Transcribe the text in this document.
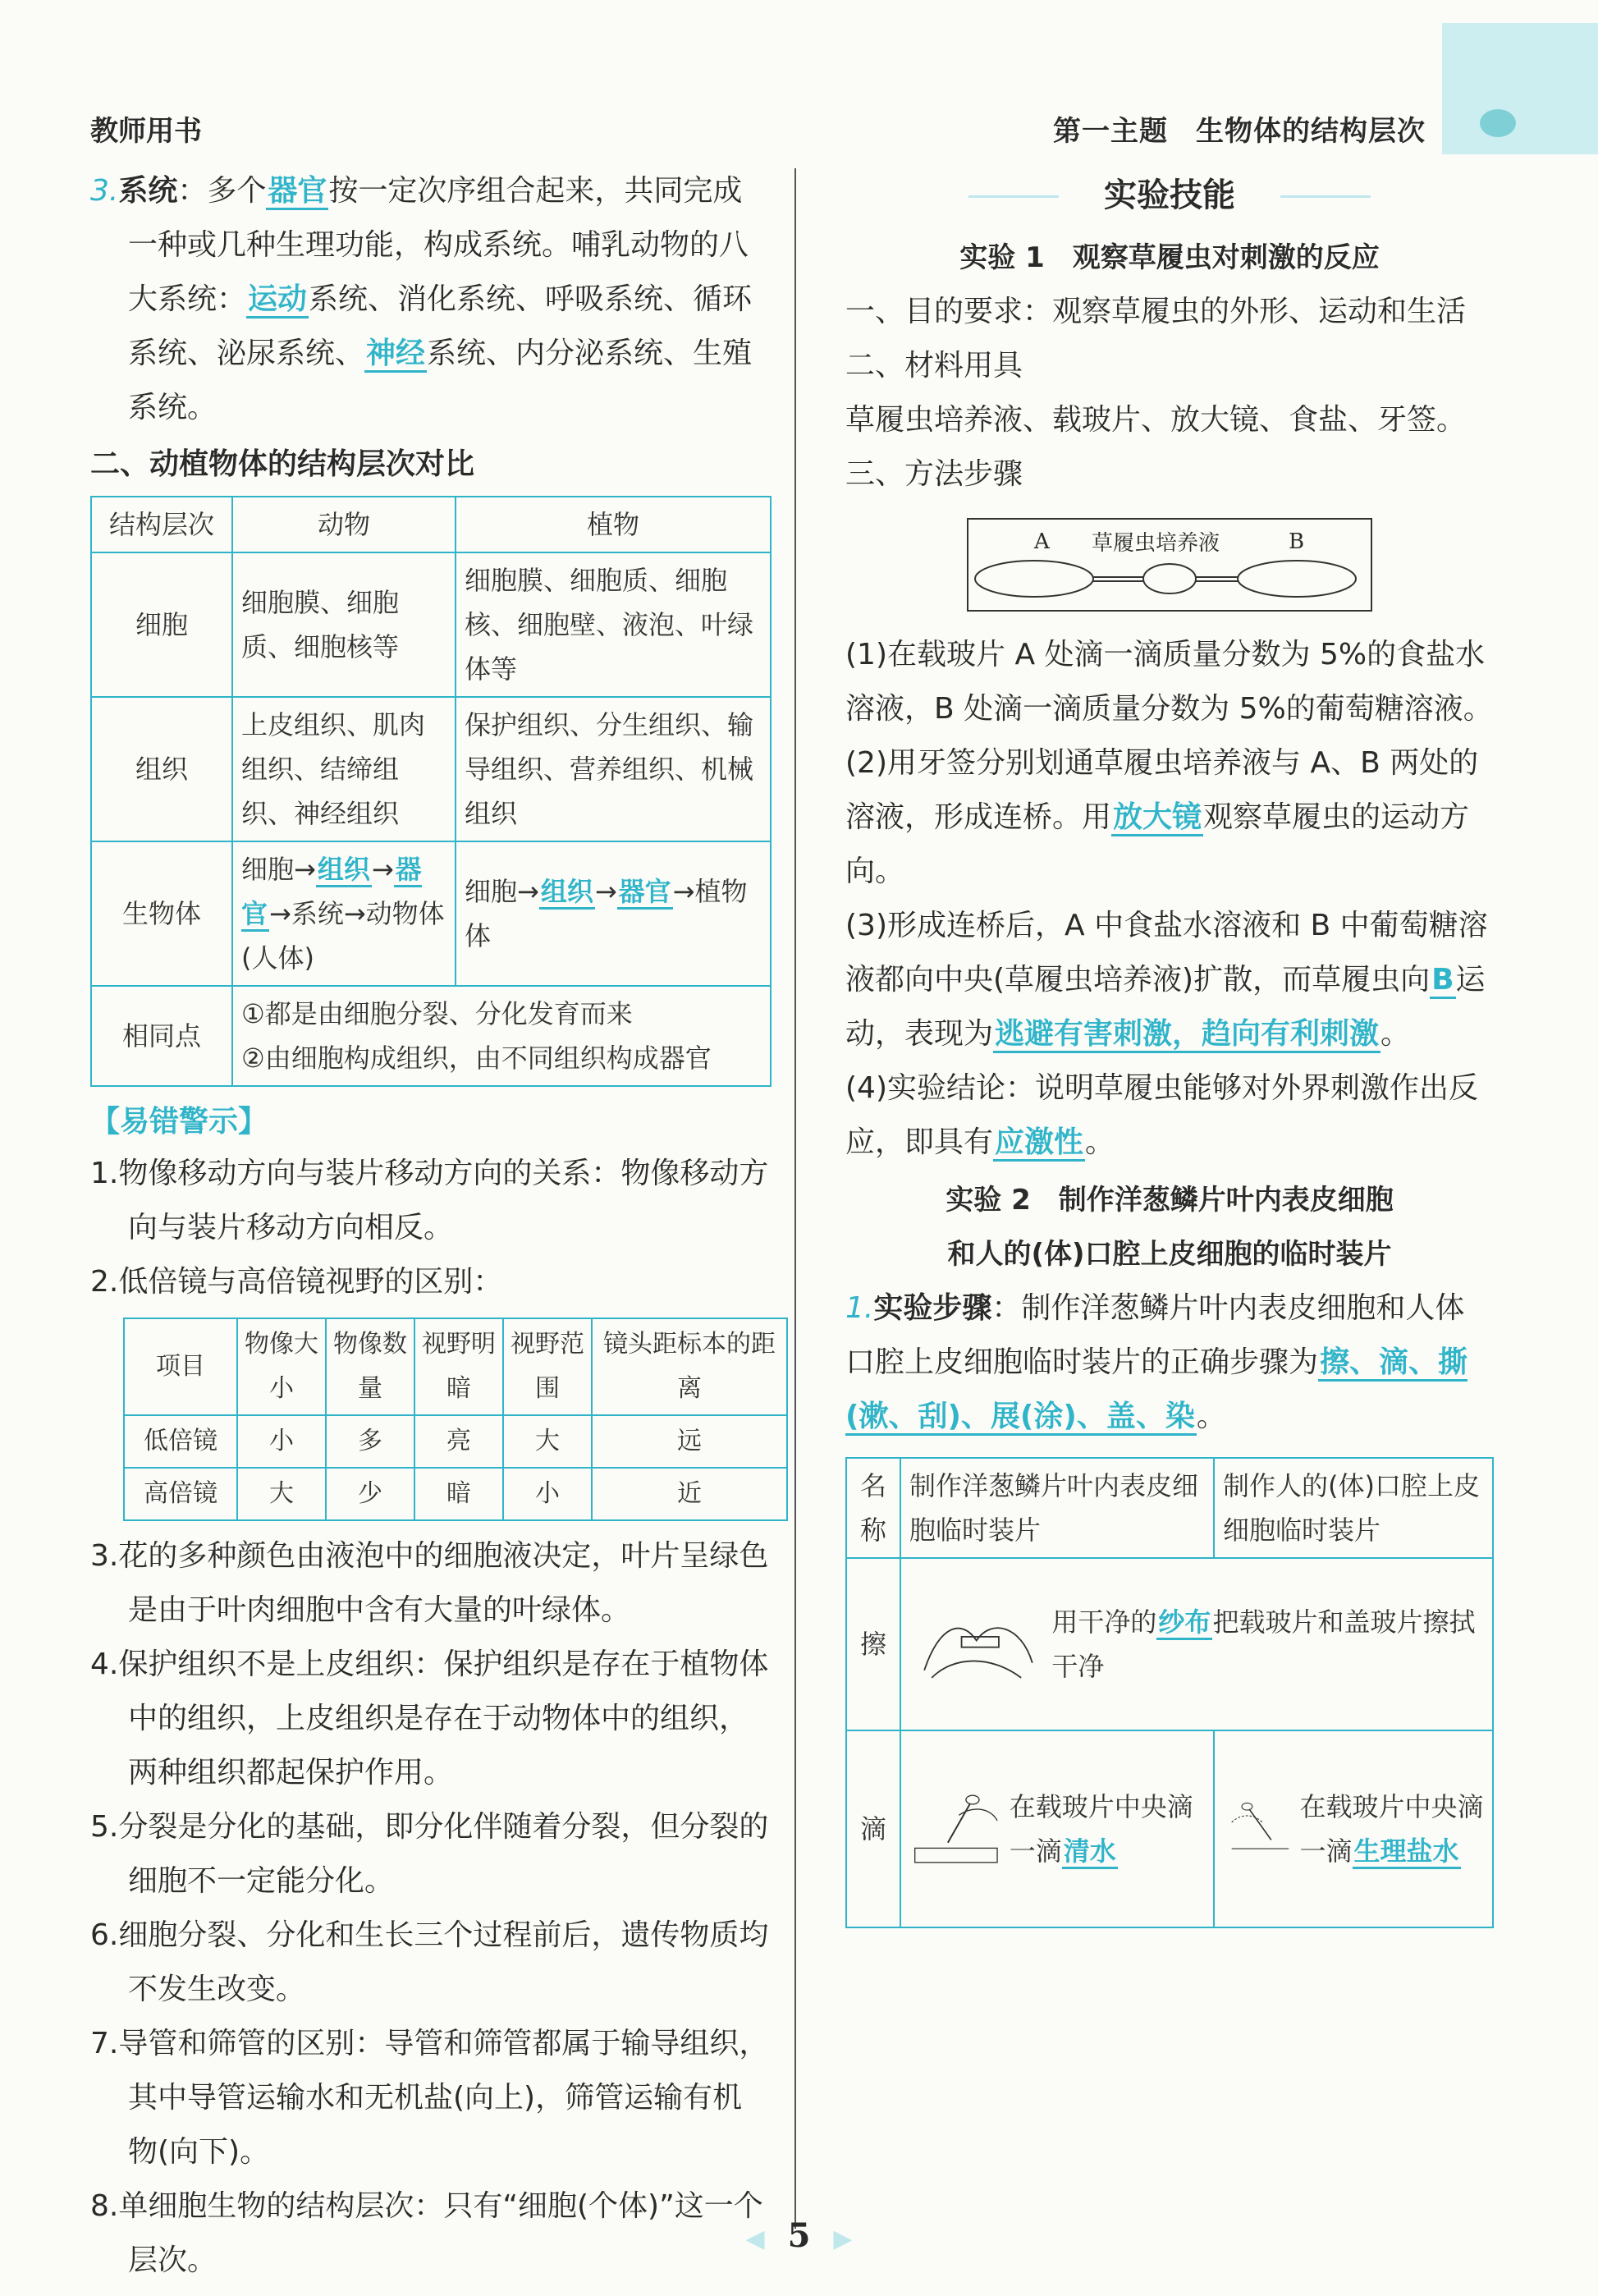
教师用书	第一主题 生物体的结构层次

3.系统：多个器官按一定次序组合起来，共同完成一种或几种生理功能，构成系统。哺乳动物的八大系统：运动系统、消化系统、呼吸系统、循环系统、泌尿系统、神经系统、内分泌系统、生殖系统。

二、动植物体的结构层次对比
结构层次	动物	植物
细胞	细胞膜、细胞质、细胞核等	细胞膜、细胞质、细胞核、细胞壁、液泡、叶绿体等
组织	上皮组织、肌肉组织、结缔组织、神经组织	保护组织、分生组织、输导组织、营养组织、机械组织
生物体	细胞→组织→器官→系统→动物体(人体)	细胞→组织→器官→植物体
相同点	①都是由细胞分裂、分化发育而来
②由细胞构成组织，由不同组织构成器官	
【易错警示】

1.物像移动方向与装片移动方向的关系：物像移动方向与装片移动方向相反。

2.低倍镜与高倍镜视野的区别：

项目	物像大小	物像数量	视野明暗	视野范围	镜头距标本的距离
低倍镜	小	多	亮	大	远
高倍镜	大	少	暗	小	近

3.花的多种颜色由液泡中的细胞液决定，叶片呈绿色是由于叶肉细胞中含有大量的叶绿体。

4.保护组织不是上皮组织：保护组织是存在于植物体中的组织，上皮组织是存在于动物体中的组织，两种组织都起保护作用。

5.分裂是分化的基础，即分化伴随着分裂，但分裂的细胞不一定能分化。

6.细胞分裂、分化和生长三个过程前后，遗传物质均不发生改变。

7.导管和筛管的区别：导管和筛管都属于输导组织，其中导管运输水和无机盐(向上)，筛管运输有机物(向下)。

8.单细胞生物的结构层次：只有“细胞(个体)”这一个层次。

实验技能
实验 1　观察草履虫对刺激的反应

一、目的要求：观察草履虫的外形、运动和生活

二、材料用具

草履虫培养液、载玻片、放大镜、食盐、牙签。

三、方法步骤

A 草履虫培养液	B

(1)在载玻片 A 处滴一滴质量分数为 5%的食盐水溶液，B 处滴一滴质量分数为 5%的葡萄糖溶液。

(2)用牙签分别划通草履虫培养液与 A、B 两处的溶液，形成连桥。用放大镜观察草履虫的运动方向。

(3)形成连桥后，A 中食盐水溶液和 B 中葡萄糖溶液都向中央(草履虫培养液)扩散，而草履虫向B运动，表现为逃避有害刺激，趋向有利刺激。

(4)实验结论：说明草履虫能够对外界刺激作出反应，即具有应激性。

实验 2　制作洋葱鳞片叶内表皮细胞
和人的(体)口腔上皮细胞的临时装片

1.实验步骤：制作洋葱鳞片叶内表皮细胞和人体口腔上皮细胞临时装片的正确步骤为擦、滴、撕(漱、刮)、展(涂)、盖、染。

名称	制作洋葱鳞片叶内表皮细胞临时装片	制作人的(体)口腔上皮细胞临时装片
擦	用干净的纱布把载玻片和盖玻片擦拭干净	

滴	在载玻片中央滴一滴清水	在载玻片中央滴一滴生理盐水
◀ 5 ▶
